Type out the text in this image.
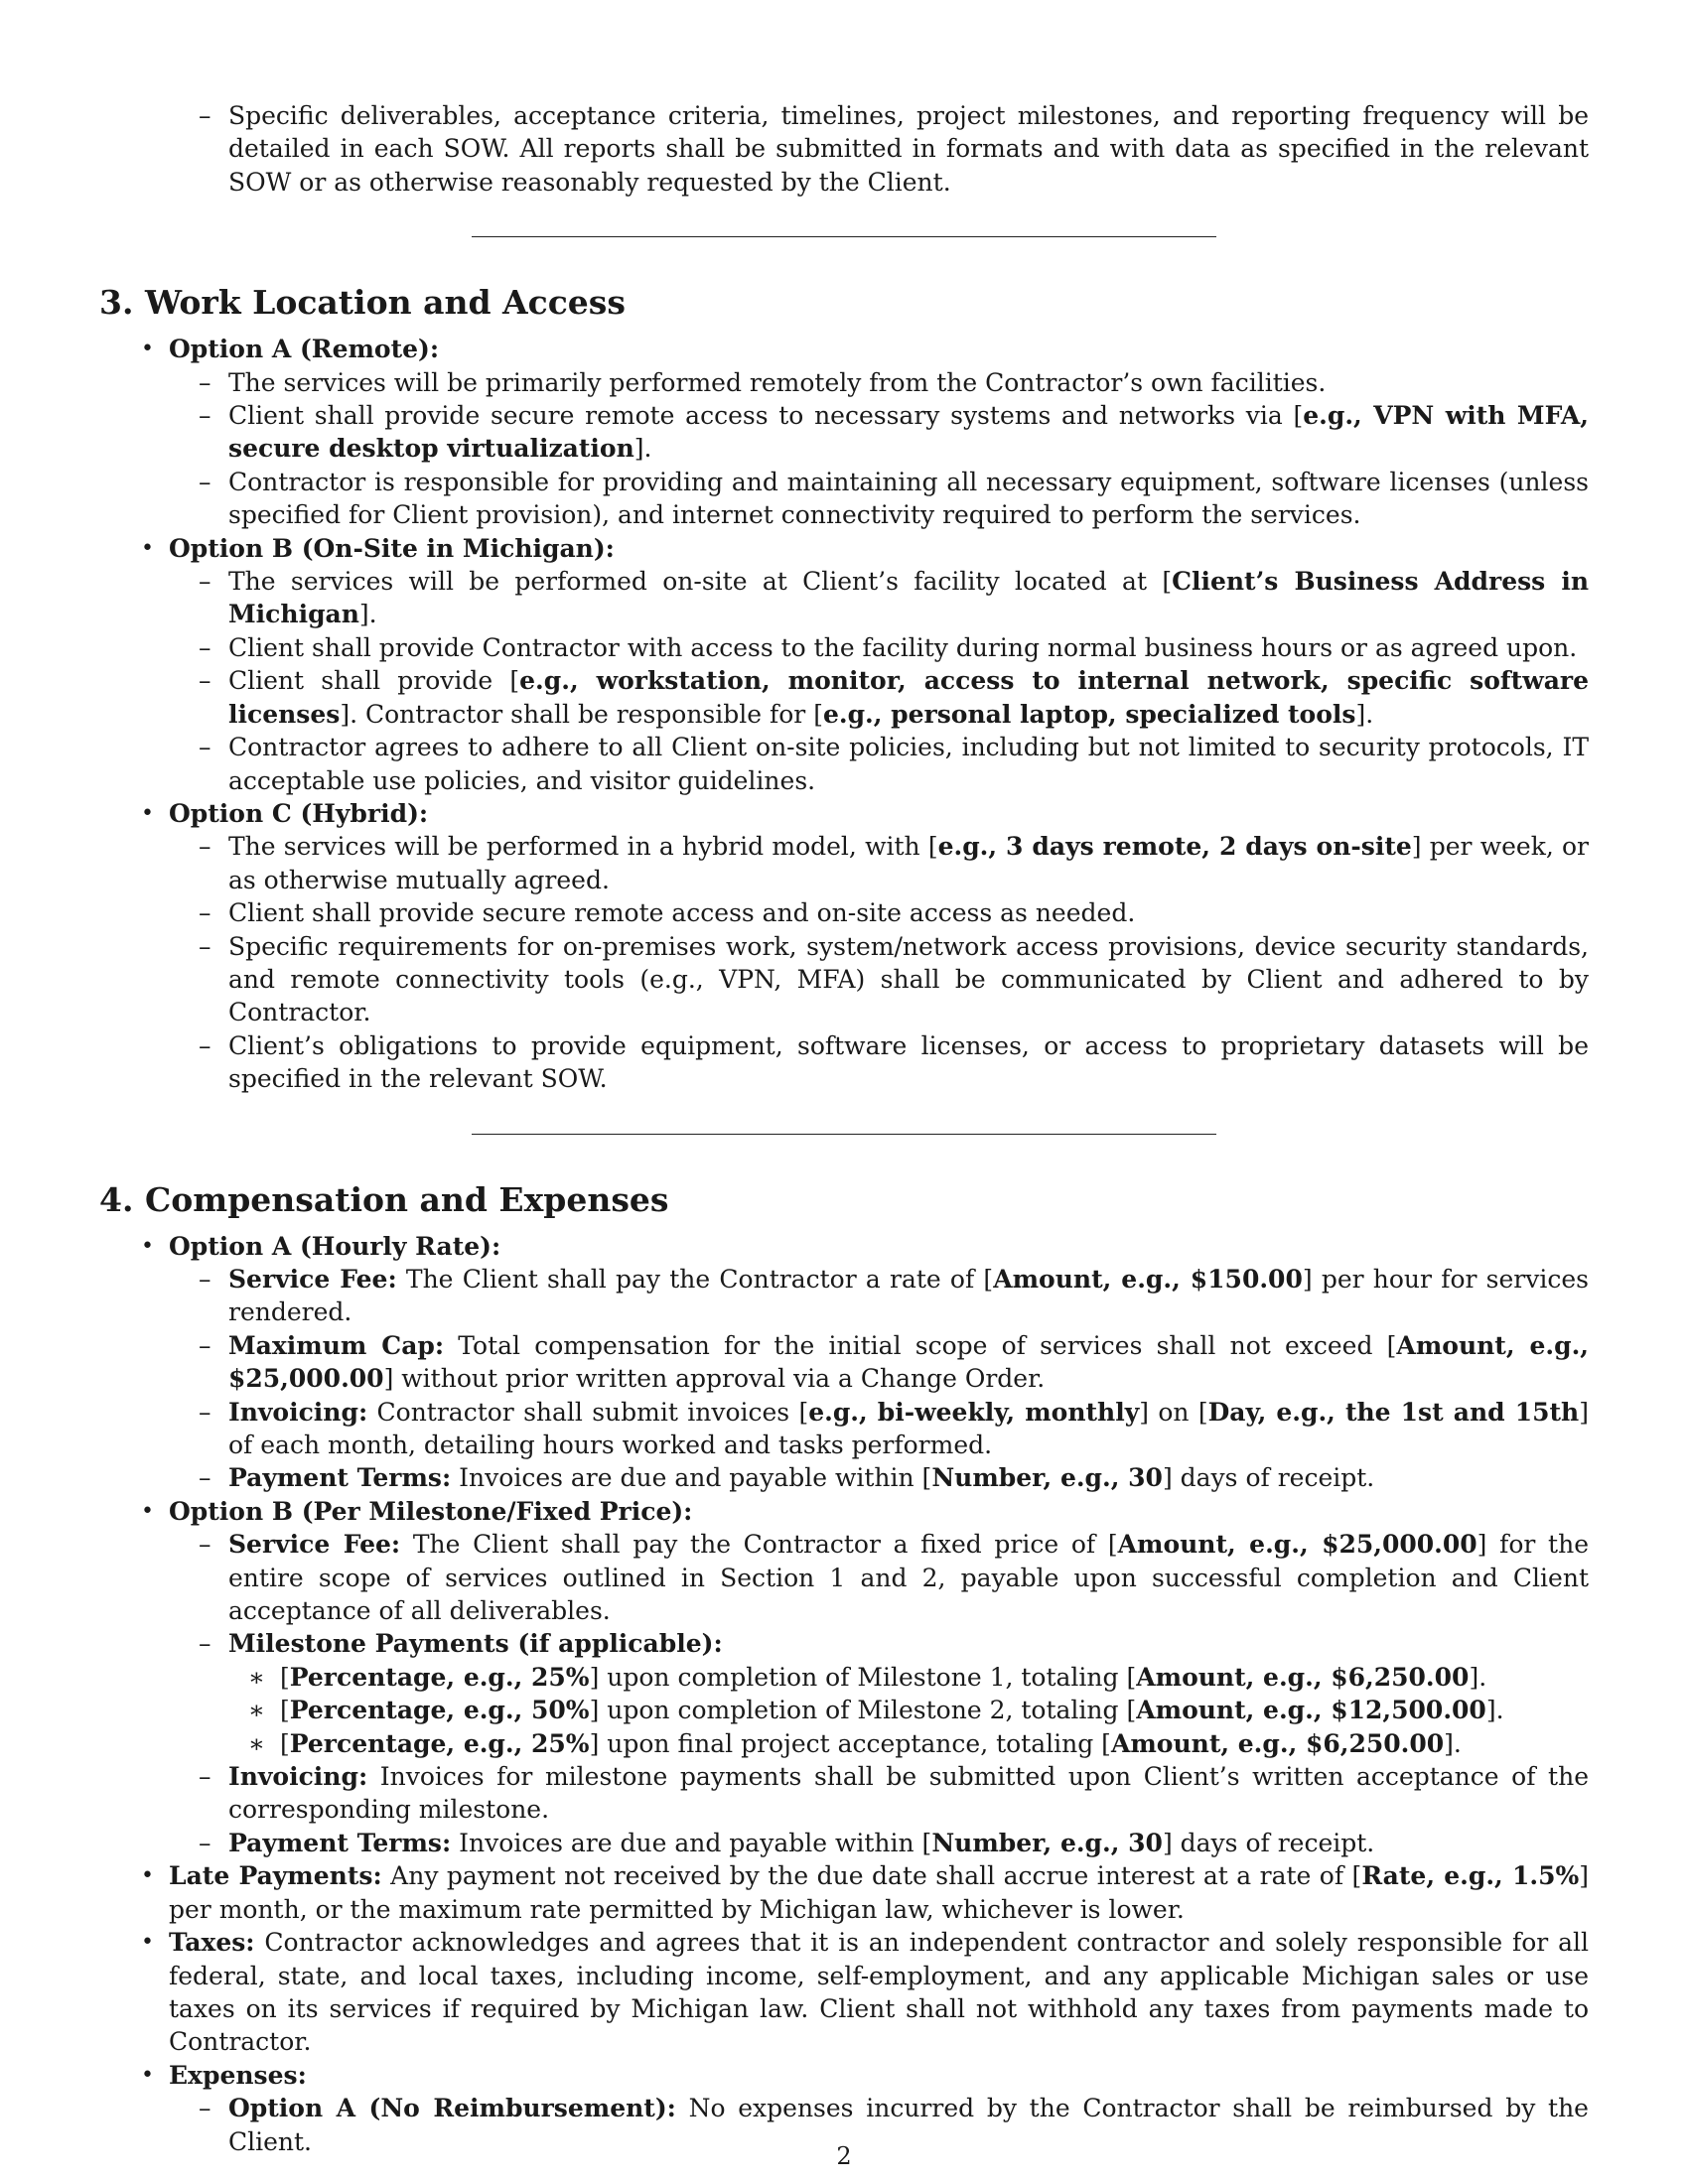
– Specific deliverables, acceptance criteria, timelines, project milestones, and reporting frequency will be detailed in each SOW. All reports shall be submitted in formats and with data as specified in the relevant SOW or as otherwise reasonably requested by the Client.
3. Work Location and Access
• Option A (Remote):
– The services will be primarily performed remotely from the Contractor’s own facilities.
– Client shall provide secure remote access to necessary systems and networks via [e.g., VPN with MFA, secure desktop virtualization].
– Contractor is responsible for providing and maintaining all necessary equipment, software licenses (unless specified for Client provision), and internet connectivity required to perform the services.
• Option B (On-Site in Michigan):
– The services will be performed on-site at Client’s facility located at [Client’s Business Address in Michigan].
– Client shall provide Contractor with access to the facility during normal business hours or as agreed upon.
– Client shall provide [e.g., workstation, monitor, access to internal network, specific software licenses]. Contractor shall be responsible for [e.g., personal laptop, specialized tools].
– Contractor agrees to adhere to all Client on-site policies, including but not limited to security protocols, IT acceptable use policies, and visitor guidelines.
• Option C (Hybrid):
– The services will be performed in a hybrid model, with [e.g., 3 days remote, 2 days on-site] per week, or as otherwise mutually agreed.
– Client shall provide secure remote access and on-site access as needed.
– Specific requirements for on-premises work, system/network access provisions, device security standards, and remote connectivity tools (e.g., VPN, MFA) shall be communicated by Client and adhered to by Contractor.
– Client’s obligations to provide equipment, software licenses, or access to proprietary datasets will be specified in the relevant SOW.
4. Compensation and Expenses
• Option A (Hourly Rate):
– Service Fee: The Client shall pay the Contractor a rate of [Amount, e.g., $150.00] per hour for services rendered.
– Maximum Cap: Total compensation for the initial scope of services shall not exceed [Amount, e.g., $25,000.00] without prior written approval via a Change Order.
– Invoicing: Contractor shall submit invoices [e.g., bi-weekly, monthly] on [Day, e.g., the 1st and 15th] of each month, detailing hours worked and tasks performed.
– Payment Terms: Invoices are due and payable within [Number, e.g., 30] days of receipt.
• Option B (Per Milestone/Fixed Price):
– Service Fee: The Client shall pay the Contractor a fixed price of [Amount, e.g., $25,000.00] for the entire scope of services outlined in Section 1 and 2, payable upon successful completion and Client acceptance of all deliverables.
– Milestone Payments (if applicable):
∗ [Percentage, e.g., 25%] upon completion of Milestone 1, totaling [Amount, e.g., $6,250.00].
∗ [Percentage, e.g., 50%] upon completion of Milestone 2, totaling [Amount, e.g., $12,500.00].
∗ [Percentage, e.g., 25%] upon final project acceptance, totaling [Amount, e.g., $6,250.00].
– Invoicing: Invoices for milestone payments shall be submitted upon Client’s written acceptance of the corresponding milestone.
– Payment Terms: Invoices are due and payable within [Number, e.g., 30] days of receipt.
• Late Payments: Any payment not received by the due date shall accrue interest at a rate of [Rate, e.g., 1.5%] per month, or the maximum rate permitted by Michigan law, whichever is lower.
• Taxes: Contractor acknowledges and agrees that it is an independent contractor and solely responsible for all federal, state, and local taxes, including income, self-employment, and any applicable Michigan sales or use taxes on its services if required by Michigan law. Client shall not withhold any taxes from payments made to Contractor.
• Expenses:
– Option A (No Reimbursement): No expenses incurred by the Contractor shall be reimbursed by the Client.
2
